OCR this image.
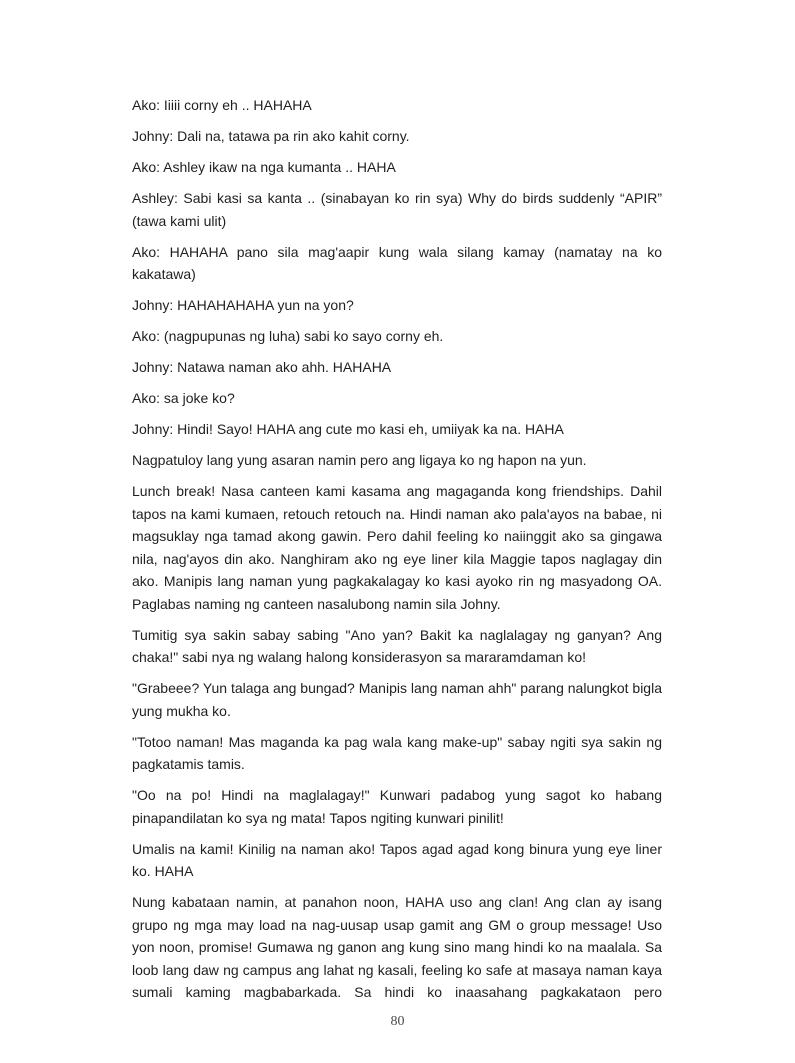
Ako: Iiiii corny eh .. HAHAHA

Johny: Dali na, tatawa pa rin ako kahit corny.

Ako: Ashley ikaw na nga kumanta .. HAHA

Ashley: Sabi kasi sa kanta .. (sinabayan ko rin sya) Why do birds suddenly “APIR” (tawa kami ulit)

Ako: HAHAHA pano sila mag'aapir kung wala silang kamay (namatay na ko kakatawa)

Johny: HAHAHAHAHA yun na yon?

Ako: (nagpupunas ng luha) sabi ko sayo corny eh.

Johny: Natawa naman ako ahh. HAHAHA

Ako: sa joke ko?

Johny: Hindi! Sayo! HAHA ang cute mo kasi eh, umiiyak ka na. HAHA

Nagpatuloy lang yung asaran namin pero ang ligaya ko ng hapon na yun.

Lunch break! Nasa canteen kami kasama ang magaganda kong friendships. Dahil tapos na kami kumaen, retouch retouch na. Hindi naman ako pala'ayos na babae, ni magsuklay nga tamad akong gawin. Pero dahil feeling ko naiinggit ako sa gingawa nila, nag'ayos din ako. Nanghiram ako ng eye liner kila Maggie tapos naglagay din ako. Manipis lang naman yung pagkakalagay ko kasi ayoko rin ng masyadong OA. Paglabas naming ng canteen nasalubong namin sila Johny.

Tumitig sya sakin sabay sabing "Ano yan? Bakit ka naglalagay ng ganyan? Ang chaka!" sabi nya ng walang halong konsiderasyon sa mararamdaman ko!

"Grabeee? Yun talaga ang bungad? Manipis lang naman ahh" parang nalungkot bigla yung mukha ko.

"Totoo naman! Mas maganda ka pag wala kang make-up" sabay ngiti sya sakin ng pagkatamis tamis.

"Oo na po! Hindi na maglalagay!" Kunwari padabog yung sagot ko habang pinapandilatan ko sya ng mata! Tapos ngiting kunwari pinilit!

Umalis na kami! Kinilig na naman ako! Tapos agad agad kong binura yung eye liner ko. HAHA

Nung kabataan namin, at panahon noon, HAHA uso ang clan! Ang clan ay isang grupo ng mga may load na nag-uusap usap gamit ang GM o group message! Uso yon noon, promise! Gumawa ng ganon ang kung sino mang hindi ko na maalala. Sa loob lang daw ng campus ang lahat ng kasali, feeling ko safe at masaya naman kaya sumali kaming magbabarkada. Sa hindi ko inaasahang pagkakataon pero

80
